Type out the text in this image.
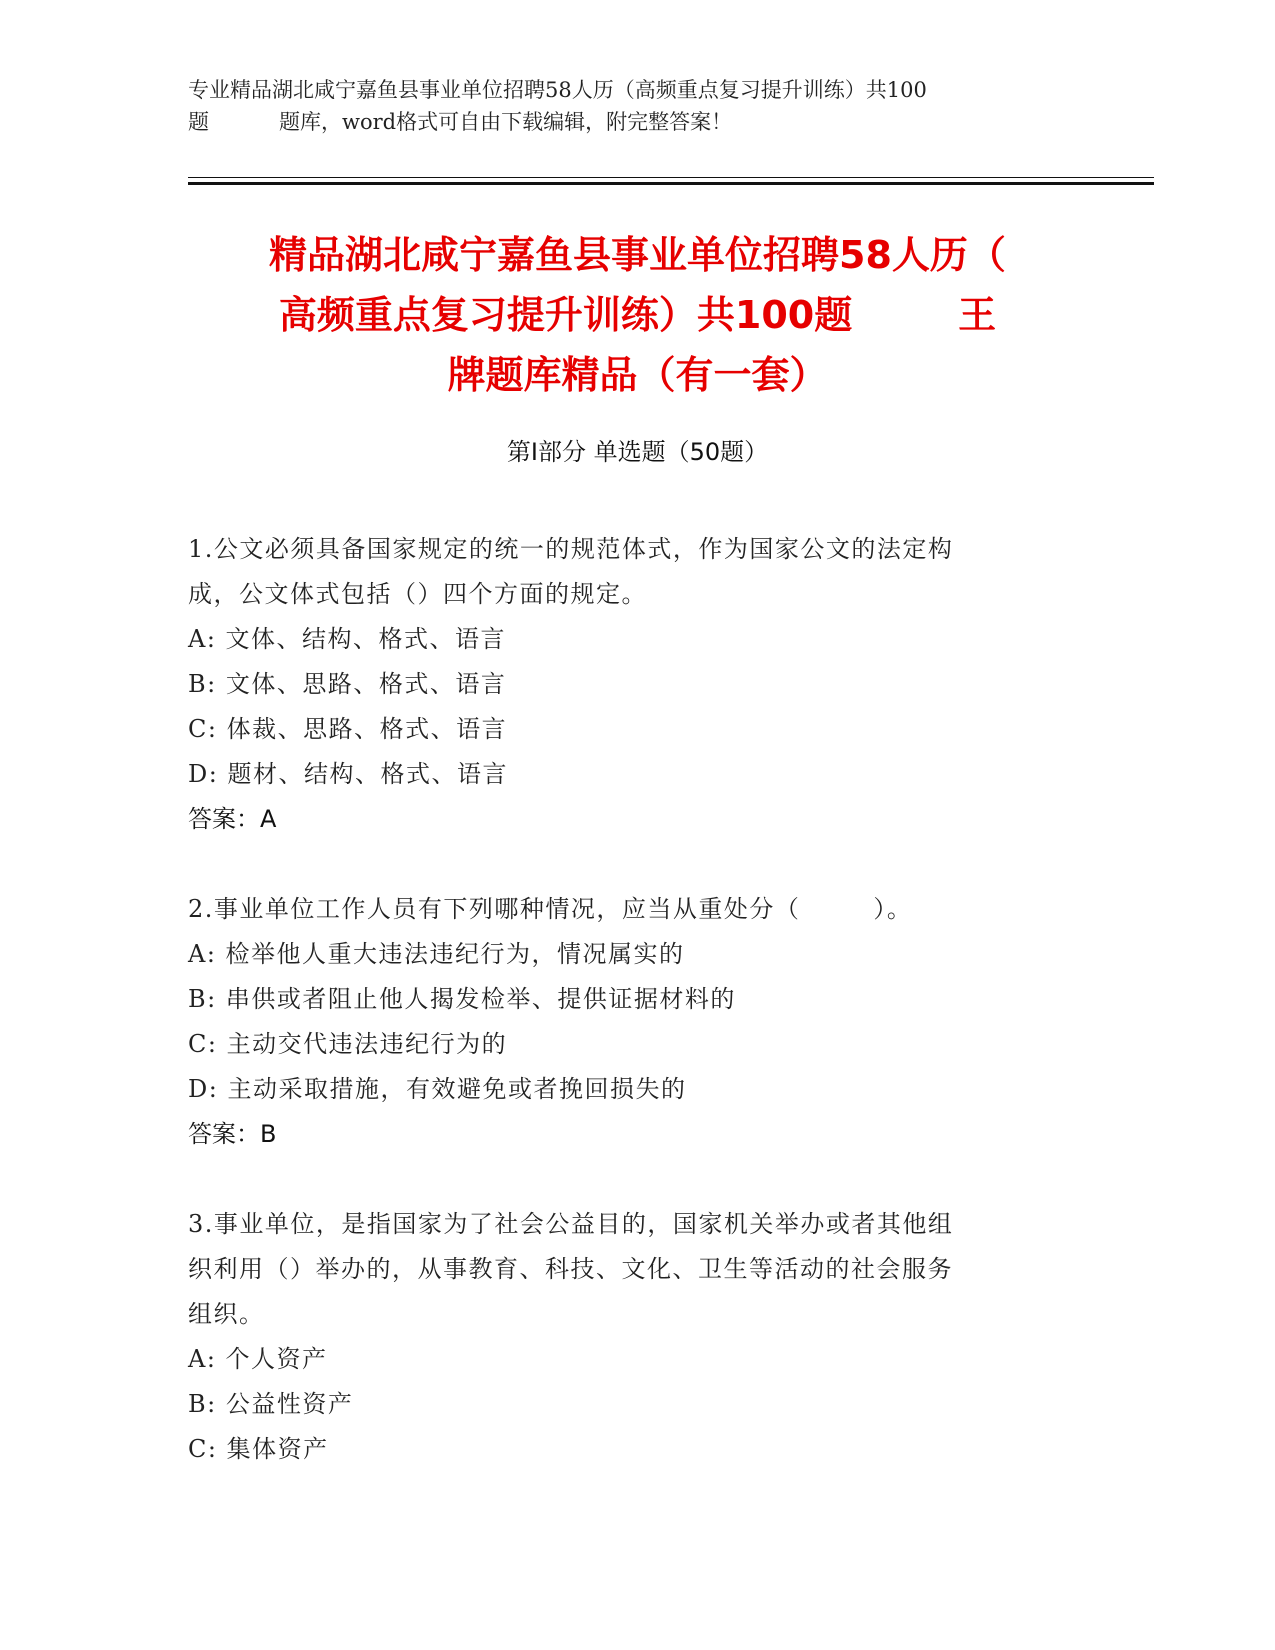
专业精品湖北咸宁嘉鱼县事业单位招聘58人历（高频重点复习提升训练）共100
题	题库，word格式可自由下载编辑，附完整答案！
精品湖北咸宁嘉鱼县事业单位招聘58人历（
高频重点复习提升训练）共100题        王
牌题库精品（有一套）
第Ⅰ部分 单选题（50题）

1.公文必须具备国家规定的统一的规范体式，作为国家公文的法定构

成，公文体式包括（）四个方面的规定。

A: 文体、结构、格式、语言

B: 文体、思路、格式、语言

C: 体裁、思路、格式、语言

D: 题材、结构、格式、语言

答案：A

2.事业单位工作人员有下列哪种情况，应当从重处分（        ）。

A: 检举他人重大违法违纪行为，情况属实的

B: 串供或者阻止他人揭发检举、提供证据材料的

C: 主动交代违法违纪行为的

D: 主动采取措施，有效避免或者挽回损失的

答案：B

3.事业单位，是指国家为了社会公益目的，国家机关举办或者其他组

织利用（）举办的，从事教育、科技、文化、卫生等活动的社会服务

组织。

A: 个人资产

B: 公益性资产

C: 集体资产
